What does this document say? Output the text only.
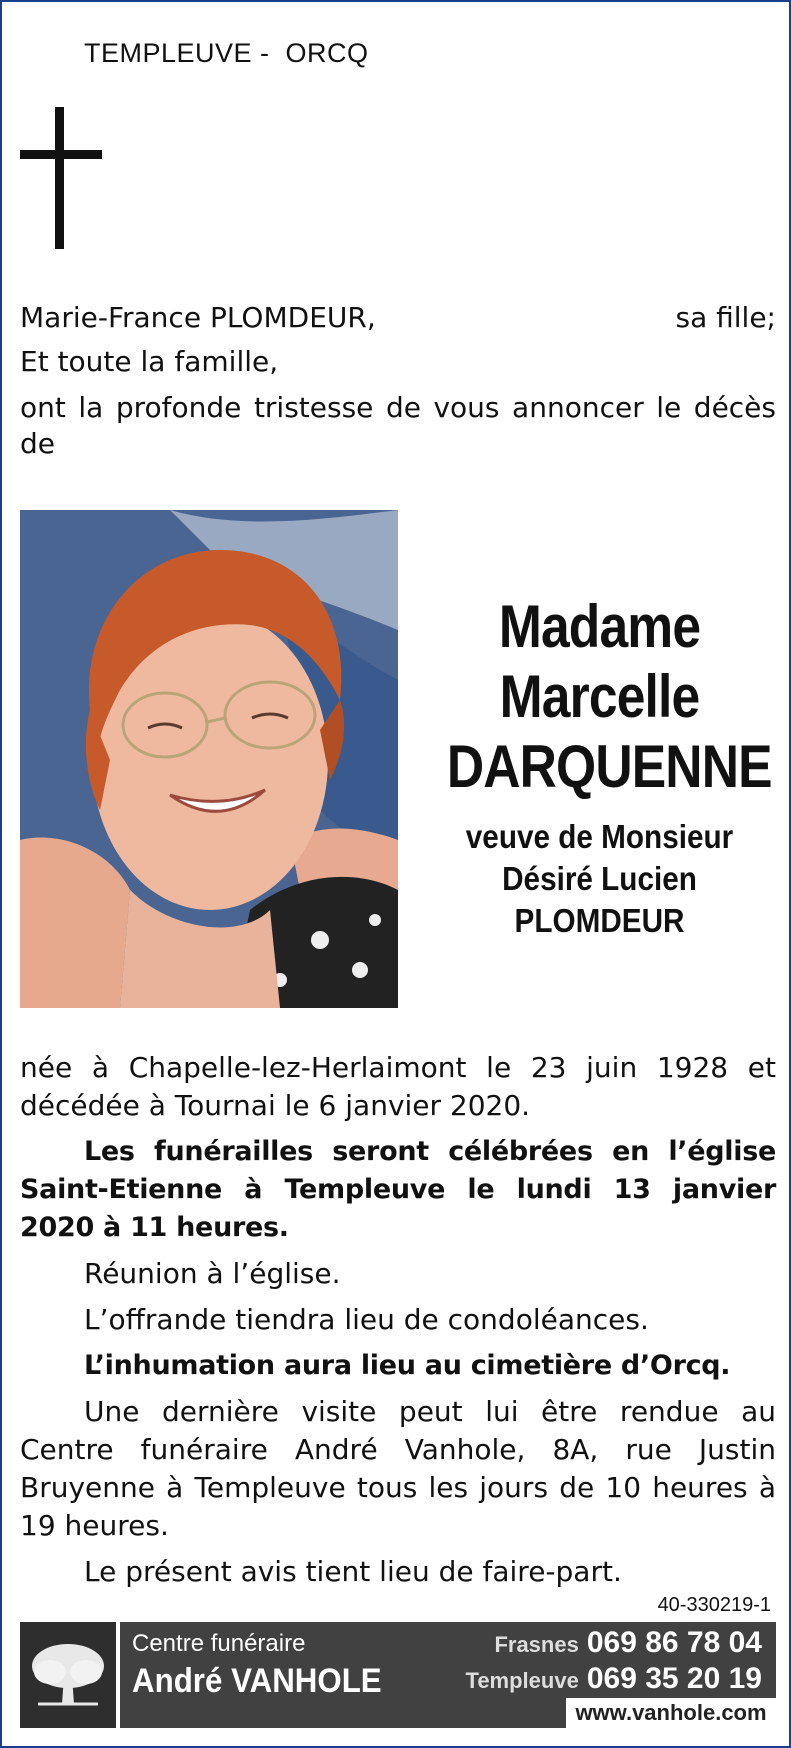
TEMPLEUVE -  ORCQ
Marie-France PLOMDEUR,	sa fille;
Et toute la famille,
ont la profonde tristesse de vous annoncer le décès de
Madame
Marcelle
DARQUENNE
veuve de Monsieur
Désiré Lucien
PLOMDEUR

née à Chapelle-lez-Herlaimont le 23 juin 1928 et décédée à Tournai le 6 janvier 2020.

Les funérailles seront célébrées en l’église Saint-Etienne à Templeuve le lundi 13 janvier 2020 à 11 heures.

Réunion à l’église.

L’offrande tiendra lieu de condoléances.

L’inhumation aura lieu au cimetière d’Orcq.

Une dernière visite peut lui être rendue au Centre funéraire André Vanhole, 8A, rue Justin Bruyenne à Templeuve tous les jours de 10 heures à 19 heures.

Le présent avis tient lieu de faire-part.

40-330219-1
Centre funéraire
André VANHOLE
Frasnes 069 86 78 04
Templeuve 069 35 20 19
www.vanhole.com
